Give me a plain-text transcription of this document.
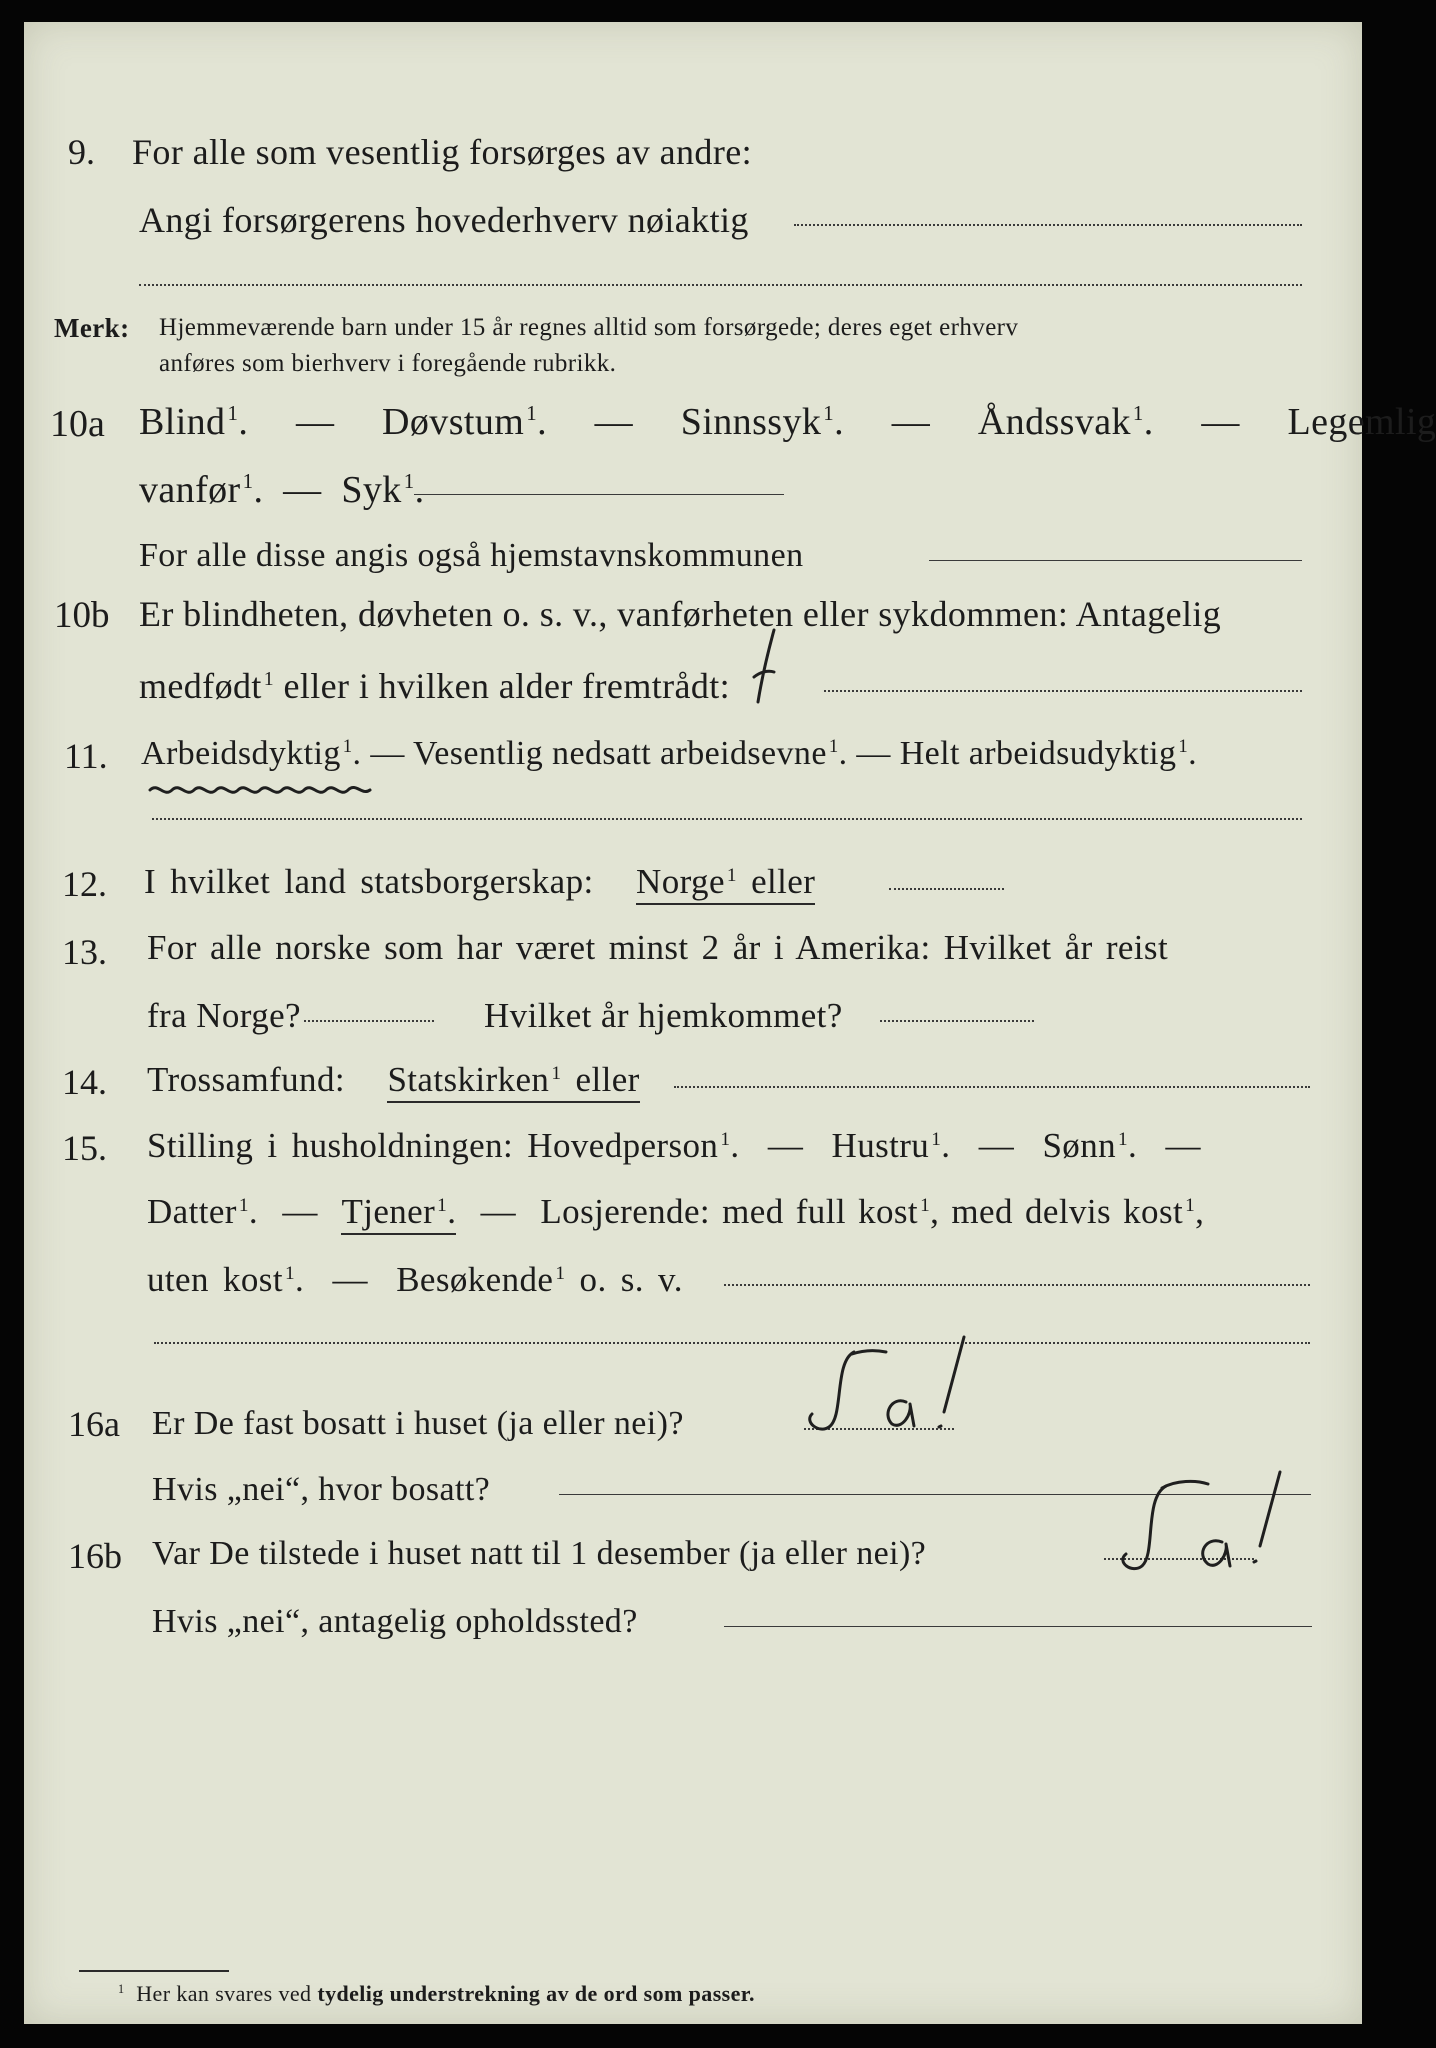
9. For alle som vesentlig forsørges av andre:
Angi forsørgerens hovederhverv nøiaktig
Merk: Hjemmeværende barn under 15 år regnes alltid som forsørgede; deres eget erhverv
anføres som bierhverv i foregående rubrikk.
10a Blind$^1$. — Døvstum$^1$. — Sinnssyk$^1$. — Åndssvak$^1$. — Legemlig
vanfør$^1$. — Syk$^1$.
For alle disse angis også hjemstavnskommunen
10b Er blindheten, døvheten o. s. v., vanførheten eller sykdommen: Antagelig
medfødt $^1$ eller i hvilken alder fremtrådt:
11. Arbeidsdyktig $^1$. — Vesentlig nedsatt arbeidsevne $^1$. — Helt arbeidsudyktig $^1$.
12. I hvilket land statsborgerskap: Norge $^1$ eller
13. For alle norske som har været minst 2 år i Amerika: Hvilket år reist
fra Norge?	Hvilket år hjemkommet?
14. Trossamfund: Statskirken $^1$ eller
15. Stilling i husholdningen: Hovedperson $^1$. — Hustru $^1$. — Sønn $^1$. —
Datter $^1$. — Tjener $^1$. — Losjerende: med full kost $^1$, med delvis kost $^1$,
uten kost $^1$. — Besøkende $^1$ o. s. v.
16a Er De fast bosatt i huset (ja eller nei)?
Hvis „nei“, hvor bosatt?
16b Var De tilstede i huset natt til 1 desember (ja eller nei)?
Hvis „nei“, antagelig opholdssted?
$^1$ Her kan svares ved tydelig understrekning av de ord som passer.
